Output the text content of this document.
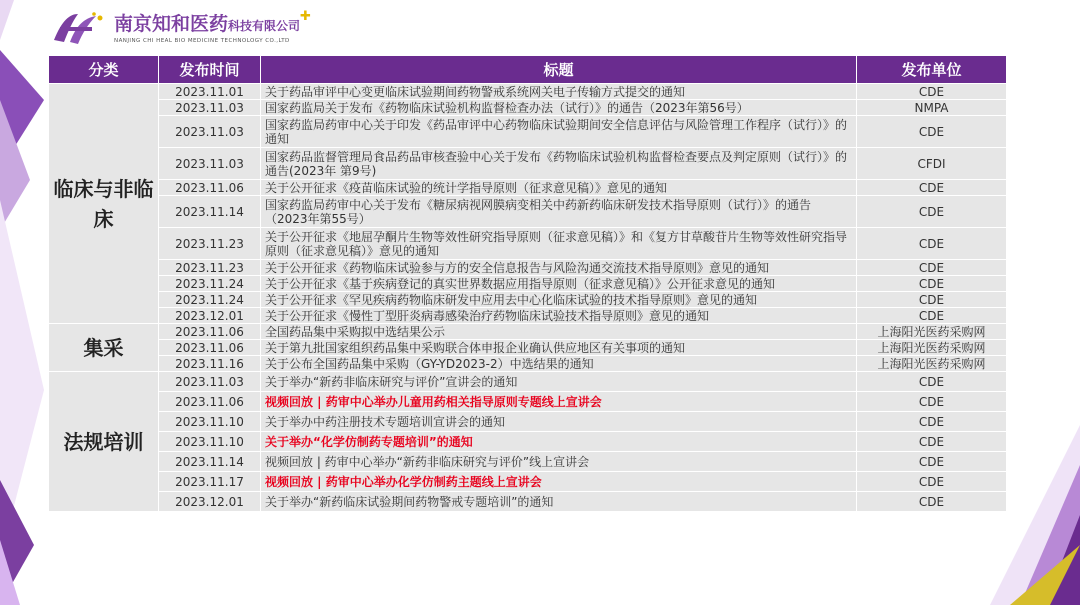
南京知和医药科技有限公司✚
NANJING CHI HEAL BIO MEDICINE TECHNOLOGY CO.,LTD
分类	发布时间	标题	发布单位
临床与非临床	2023.11.01	关于药品审评中心变更临床试验期间药物警戒系统网关电子传输方式提交的通知	CDE
	2023.11.03	国家药监局关于发布《药物临床试验机构监督检查办法（试行）》的通告（2023年第56号）	NMPA
	2023.11.03	国家药监局药审中心关于印发《药品审评中心药物临床试验期间安全信息评估与风险管理工作程序（试行）》的通知	CDE
	2023.11.03	国家药品监督管理局食品药品审核查验中心关于发布《药物临床试验机构监督检查要点及判定原则（试行）》的通告(2023年 第9号)	CFDI
	2023.11.06	关于公开征求《疫苗临床试验的统计学指导原则（征求意见稿）》意见的通知	CDE
	2023.11.14	国家药监局药审中心关于发布《糖尿病视网膜病变相关中药新药临床研发技术指导原则（试行）》的通告（2023年第55号）	CDE
	2023.11.23	关于公开征求《地屈孕酮片生物等效性研究指导原则（征求意见稿）》和《复方甘草酸苷片生物等效性研究指导原则（征求意见稿）》意见的通知	CDE
	2023.11.23	关于公开征求《药物临床试验参与方的安全信息报告与风险沟通交流技术指导原则》意见的通知	CDE
	2023.11.24	关于公开征求《基于疾病登记的真实世界数据应用指导原则（征求意见稿）》公开征求意见的通知	CDE
	2023.11.24	关于公开征求《罕见疾病药物临床研发中应用去中心化临床试验的技术指导原则》意见的通知	CDE
	2023.12.01	关于公开征求《慢性丁型肝炎病毒感染治疗药物临床试验技术指导原则》意见的通知	CDE
集采	2023.11.06	全国药品集中采购拟中选结果公示	上海阳光医药采购网
	2023.11.06	关于第九批国家组织药品集中采购联合体申报企业确认供应地区有关事项的通知	上海阳光医药采购网
	2023.11.16	关于公布全国药品集中采购（GY-YD2023-2）中选结果的通知	上海阳光医药采购网
法规培训	2023.11.03	关于举办“新药非临床研究与评价”宣讲会的通知	CDE
	2023.11.06	视频回放 | 药审中心举办儿童用药相关指导原则专题线上宣讲会	CDE
	2023.11.10	关于举办中药注册技术专题培训宣讲会的通知	CDE
	2023.11.10	关于举办“化学仿制药专题培训”的通知	CDE
	2023.11.14	视频回放 | 药审中心举办“新药非临床研究与评价”线上宣讲会	CDE
	2023.11.17	视频回放 | 药审中心举办化学仿制药主题线上宣讲会	CDE
	2023.12.01	关于举办“新药临床试验期间药物警戒专题培训”的通知	CDE
